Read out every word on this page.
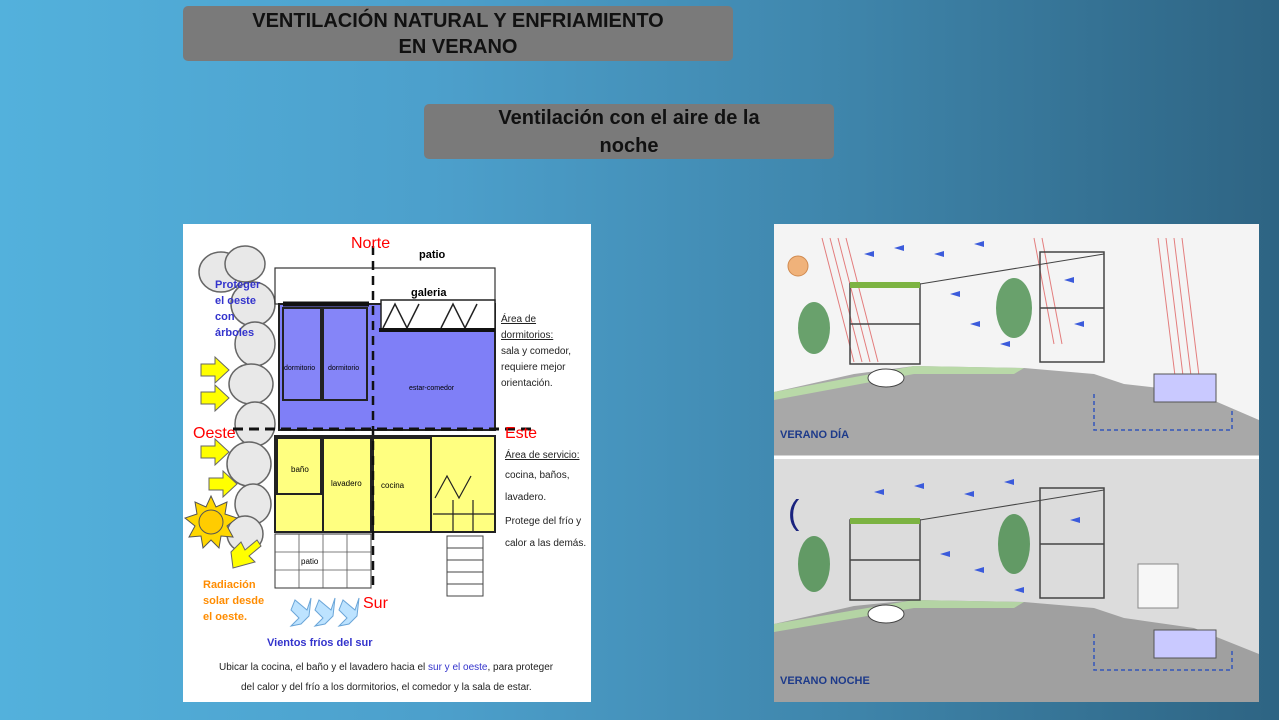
VENTILACIÓN NATURAL Y ENFRIAMIENTO
EN VERANO
Ventilación con el aire de la
noche
Norte
Sur
Oeste	Este
patio
galeria
dormitorio dormitorio
estar-comedor
baño
lavadero cocina
patio
Proteger
el oeste
con
árboles
Radiación
solar desde
el oeste.
Vientos fríos del sur
Área de
dormitorios:
sala y comedor,
requiere mejor
orientación.
Área de servicio:
cocina, baños,
lavadero.
Protege del frío y
calor a las demás.
Ubicar la cocina, el baño y el lavadero hacia el sur y el oeste, para proteger
del calor y del frío a los dormitorios, el comedor y la sala de estar.
VERANO DÍA
(
VERANO NOCHE
